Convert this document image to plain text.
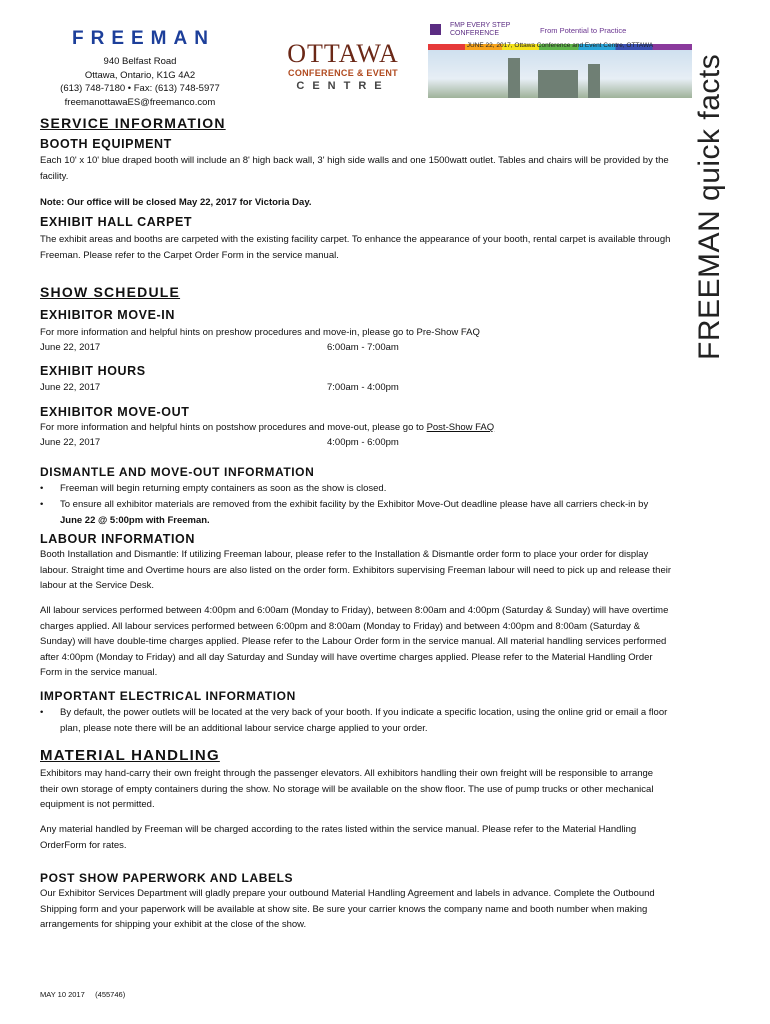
FREEMAN
940 Belfast Road
Ottawa, Ontario, K1G 4A2
(613) 748-7180 • Fax: (613) 748-5977
freemanottawaES@freemanco.com
OTTAWA
CONFERENCE & EVENT
CENTRE
FMP EVERY STEP CONFERENCE	From Potential to Practice
JUNE 22, 2017, Ottawa Conference and Event Centre, OTTAWA
FREEMAN quick facts
SERVICE INFORMATION
BOOTH EQUIPMENT
Each 10' x 10' blue draped booth will include an 8' high back wall, 3' high side walls and one 1500watt outlet. Tables and chairs will be provided by the facility.
Note: Our office will be closed May 22, 2017 for Victoria Day.
EXHIBIT HALL CARPET
The exhibit areas and booths are carpeted with the existing facility carpet. To enhance the appearance of your booth, rental carpet is available through Freeman. Please refer to the Carpet Order Form in the service manual.
SHOW SCHEDULE
EXHIBITOR MOVE-IN
For more information and helpful hints on preshow procedures and move-in, please go to Pre-Show FAQ
June 22, 2017	6:00am - 7:00am
EXHIBIT HOURS
June 22, 2017	7:00am - 4:00pm
EXHIBITOR MOVE-OUT
For more information and helpful hints on postshow procedures and move-out, please go to Post-Show FAQ
June 22, 2017	4:00pm - 6:00pm
DISMANTLE AND MOVE-OUT INFORMATION
• Freeman will begin returning empty containers as soon as the show is closed.
• To ensure all exhibitor materials are removed from the exhibit facility by the Exhibitor Move-Out deadline please have all carriers check-in by
June 22 @ 5:00pm with Freeman.
LABOUR INFORMATION
Booth Installation and Dismantle: If utilizing Freeman labour, please refer to the Installation & Dismantle order form to place your order for display labour. Straight time and Overtime hours are also listed on the order form. Exhibitors supervising Freeman labour will need to pick up and release their labour at the Service Desk.
All labour services performed between 4:00pm and 6:00am (Monday to Friday), between 8:00am and 4:00pm (Saturday & Sunday) will have overtime charges applied. All labour services performed between 6:00pm and 8:00am (Monday to Friday) and between 4:00pm and 8:00am (Saturday & Sunday) will have double-time charges applied. Please refer to the Labour Order form in the service manual. All material handling services performed after 4:00pm (Monday to Friday) and all day Saturday and Sunday will have overtime charges applied. Please refer to the Material Handling Order Form in the service manual.
IMPORTANT ELECTRICAL INFORMATION
• By default, the power outlets will be located at the very back of your booth. If you indicate a specific location, using the online grid or email a floor plan, please note there will be an additional labour service charge applied to your order.
MATERIAL HANDLING
Exhibitors may hand-carry their own freight through the passenger elevators. All exhibitors handling their own freight will be responsible to arrange their own storage of empty containers during the show. No storage will be available on the show floor. The use of pump trucks or other mechanical equipment is not permitted.
Any material handled by Freeman will be charged according to the rates listed within the service manual. Please refer to the Material Handling OrderForm for rates.
POST SHOW PAPERWORK AND LABELS
Our Exhibitor Services Department will gladly prepare your outbound Material Handling Agreement and labels in advance. Complete the Outbound Shipping form and your paperwork will be available at show site. Be sure your carrier knows the company name and booth number when making arrangements for shipping your exhibit at the close of the show.
MAY 10 2017     (455746)
